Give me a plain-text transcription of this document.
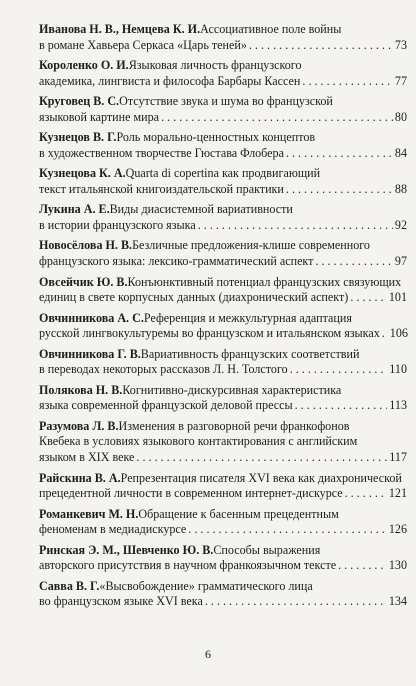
Иванова Н. В., Немцева К. И. Ассоциативное поле войны
в романе Хавьера Серкаса «Царь теней» . . .	73
Короленко О. И. Языковая личность французского
академика, лингвиста и философа Барбары Кассен . . .	77
Круговец В. С. Отсутствие звука и шума во французской
языковой картине мира . . .	80
Кузнецов В. Г. Роль морально-ценностных концептов
в художественном творчестве Гюстава Флобера . . .	84
Кузнецова К. А. Quarta di copertina как продвигающий
текст итальянской книгоиздательской практики . . .	88
Лукина А. Е. Виды диасистемной вариативности
в истории французского языка . . .	92
Новосёлова Н. В. Безличные предложения-клише современного
французского языка: лексико-грамматический аспект . . .	97
Овсейчик Ю. В. Конъюнктивный потенциал французских связующих
единиц в свете корпусных данных (диахронический аспект) . . .	101
Овчинникова А. С. Референция и межкультурная адаптация
русской лингвокультуремы во французском и итальянском языках . . . 106
Овчинникова Г. В. Вариативность французских соответствий
в переводах некоторых рассказов Л. Н. Толстого . . .	110
Полякова Н. В. Когнитивно-дискурсивная характеристика
языка современной французской деловой прессы . . .	113
Разумова Л. В. Изменения в разговорной речи франкофонов
Квебека в условиях языкового контактирования с английским
языком в XIX веке . . .	117
Райскина В. А. Репрезентация писателя XVI века как диахронической
прецедентной личности в современном интернет-дискурсе . . .	121
Романкевич М. Н. Обращение к басенным прецедентным
феноменам в медиадискурсе . . .	126
Ринская Э. М., Шевченко Ю. В. Способы выражения
авторского присутствия в научном франкоязычном тексте . . .	130
Савва В. Г. «Высвобождение» грамматического лица
во французском языке XVI века . . .	134
6
